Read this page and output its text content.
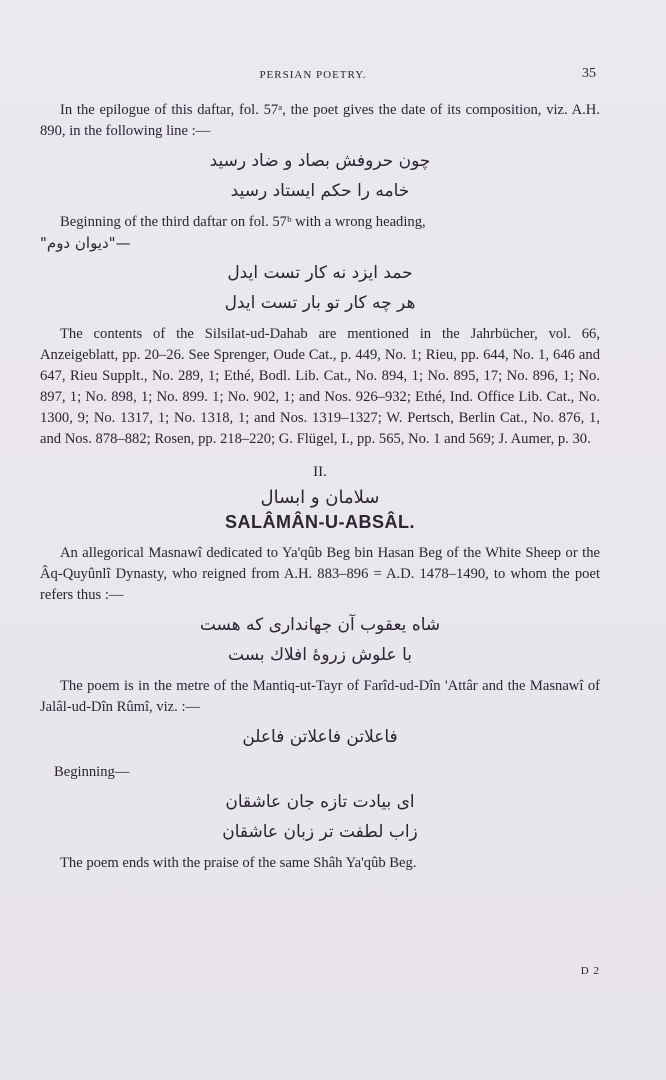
PERSIAN POETRY.	35

In the epilogue of this daftar, fol. 57ᵃ, the poet gives the date of its composition, viz. A.H. 890, in the following line :—

چون حروفش بصاد و ضاد رسید
خامه را حکم ایستاد رسید

Beginning of the third daftar on fol. 57ᵇ with a wrong heading,

"دیوان دوم"—
حمد ایزد نه کار تست ایدل
هر چه کار تو بار تست ایدل

The contents of the Silsilat-ud-Dahab are mentioned in the Jahrbücher, vol. 66, Anzeigeblatt, pp. 20–26. See Sprenger, Oude Cat., p. 449, No. 1; Rieu, pp. 644, No. 1, 646 and 647, Rieu Supplt., No. 289, 1; Ethé, Bodl. Lib. Cat., No. 894, 1; No. 895, 17; No. 896, 1; No. 897, 1; No. 898, 1; No. 899. 1; No. 902, 1; and Nos. 926–932; Ethé, Ind. Office Lib. Cat., No. 1300, 9; No. 1317, 1; No. 1318, 1; and Nos. 1319–1327; W. Pertsch, Berlin Cat., No. 876, 1, and Nos. 878–882; Rosen, pp. 218–220; G. Flügel, I., pp. 565, No. 1 and 569; J. Aumer, p. 30.

II.
سلامان و ابسال
SALÂMÂN-U-ABSÂL.

An allegorical Masnawî dedicated to Ya'qûb Beg bin Hasan Beg of the White Sheep or the Âq-Quyûnlî Dynasty, who reigned from A.H. 883–896 = A.D. 1478–1490, to whom the poet refers thus :—

شاه یعقوب آن جهانداری که هست
با علوش زروهٔ افلاك بست

The poem is in the metre of the Mantiq-ut-Tayr of Farîd-ud-Dîn 'Attâr and the Masnawî of Jalâl-ud-Dîn Rûmî, viz. :—

فاعلاتن فاعلاتن فاعلن

Beginning—

ای بیادت تازه جان عاشقان
زاب لطفت تر زبان عاشقان

The poem ends with the praise of the same Shâh Ya'qûb Beg.

D 2
